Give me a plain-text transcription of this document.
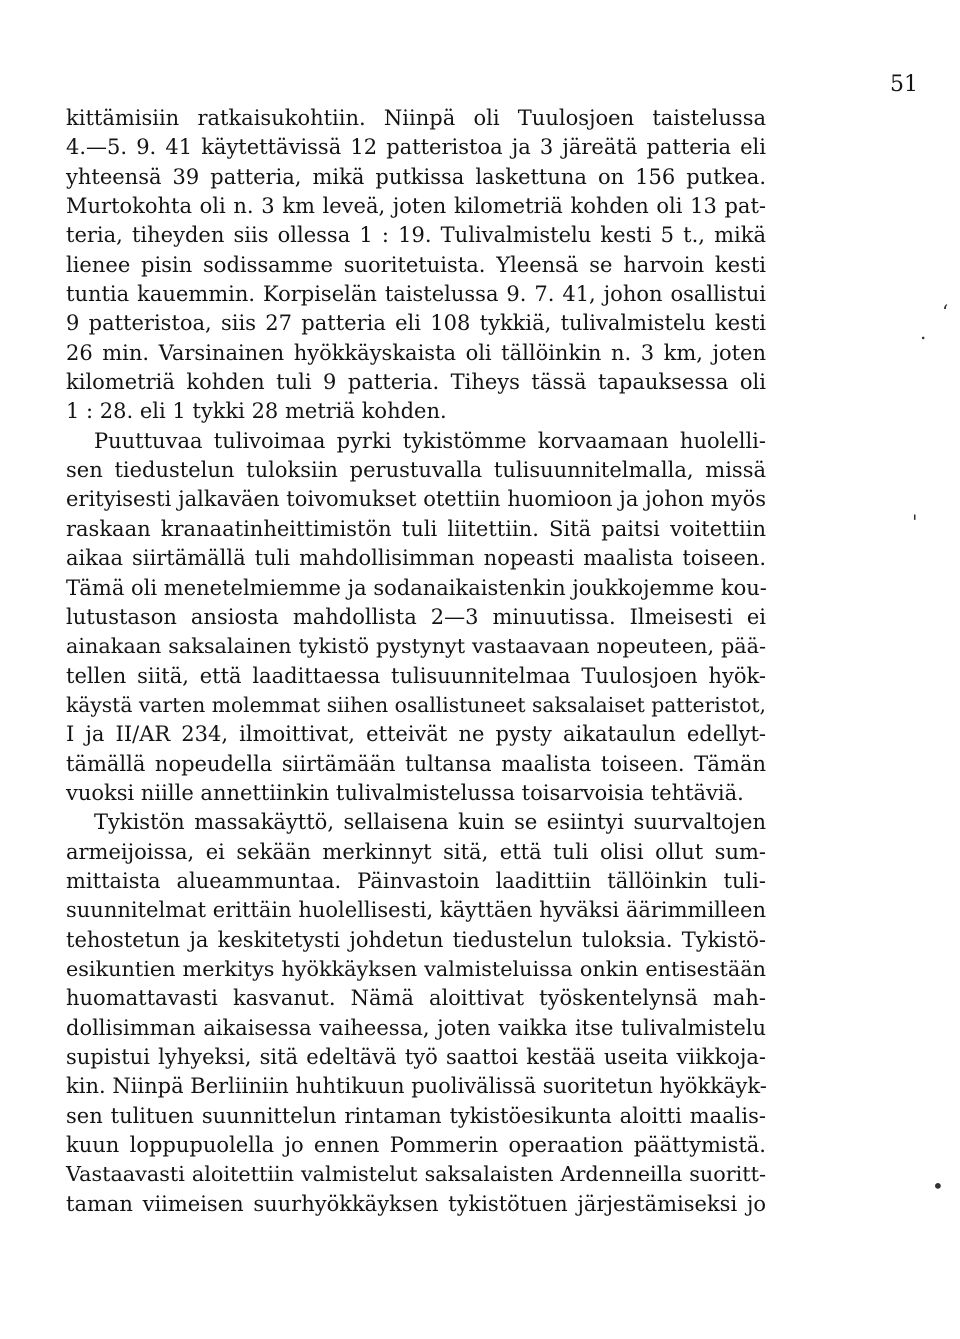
51
kittämisiin ratkaisukohtiin. Niinpä oli Tuulosjoen taistelussa
4.—5. 9. 41 käytettävissä 12 patteristoa ja 3 järeätä patteria eli
yhteensä 39 patteria, mikä putkissa laskettuna on 156 putkea.
Murtokohta oli n. 3 km leveä, joten kilometriä kohden oli 13 pat-
teria, tiheyden siis ollessa 1 : 19. Tulivalmistelu kesti 5 t., mikä
lienee pisin sodissamme suoritetuista. Yleensä se harvoin kesti
tuntia kauemmin. Korpiselän taistelussa 9. 7. 41, johon osallistui
9 patteristoa, siis 27 patteria eli 108 tykkiä, tulivalmistelu kesti
26 min. Varsinainen hyökkäyskaista oli tällöinkin n. 3 km, joten
kilometriä kohden tuli 9 patteria. Tiheys tässä tapauksessa oli
1 : 28. eli 1 tykki 28 metriä kohden.
Puuttuvaa tulivoimaa pyrki tykistömme korvaamaan huolelli-
sen tiedustelun tuloksiin perustuvalla tulisuunnitelmalla, missä
erityisesti jalkaväen toivomukset otettiin huomioon ja johon myös
raskaan kranaatinheittimistön tuli liitettiin. Sitä paitsi voitettiin
aikaa siirtämällä tuli mahdollisimman nopeasti maalista toiseen.
Tämä oli menetelmiemme ja sodanaikaistenkin joukkojemme kou-
lutustason ansiosta mahdollista 2—3 minuutissa. Ilmeisesti ei
ainakaan saksalainen tykistö pystynyt vastaavaan nopeuteen, pää-
tellen siitä, että laadittaessa tulisuunnitelmaa Tuulosjoen hyök-
käystä varten molemmat siihen osallistuneet saksalaiset patteristot,
I ja II/AR 234, ilmoittivat, etteivät ne pysty aikataulun edellyt-
tämällä nopeudella siirtämään tultansa maalista toiseen. Tämän
vuoksi niille annettiinkin tulivalmistelussa toisarvoisia tehtäviä.
Tykistön massakäyttö, sellaisena kuin se esiintyi suurvaltojen
armeijoissa, ei sekään merkinnyt sitä, että tuli olisi ollut sum-
mittaista alueammuntaa. Päinvastoin laadittiin tällöinkin tuli-
suunnitelmat erittäin huolellisesti, käyttäen hyväksi äärimmilleen
tehostetun ja keskitetysti johdetun tiedustelun tuloksia. Tykistö-
esikuntien merkitys hyökkäyksen valmisteluissa onkin entisestään
huomattavasti kasvanut. Nämä aloittivat työskentelynsä mah-
dollisimman aikaisessa vaiheessa, joten vaikka itse tulivalmistelu
supistui lyhyeksi, sitä edeltävä työ saattoi kestää useita viikkoja-
kin. Niinpä Berliiniin huhtikuun puolivälissä suoritetun hyökkäyk-
sen tulituen suunnittelun rintaman tykistöesikunta aloitti maalis-
kuun loppupuolella jo ennen Pommerin operaation päättymistä.
Vastaavasti aloitettiin valmistelut saksalaisten Ardenneilla suoritt-
taman viimeisen suurhyökkäyksen tykistötuen järjestämiseksi jo
‘
.
'
•
